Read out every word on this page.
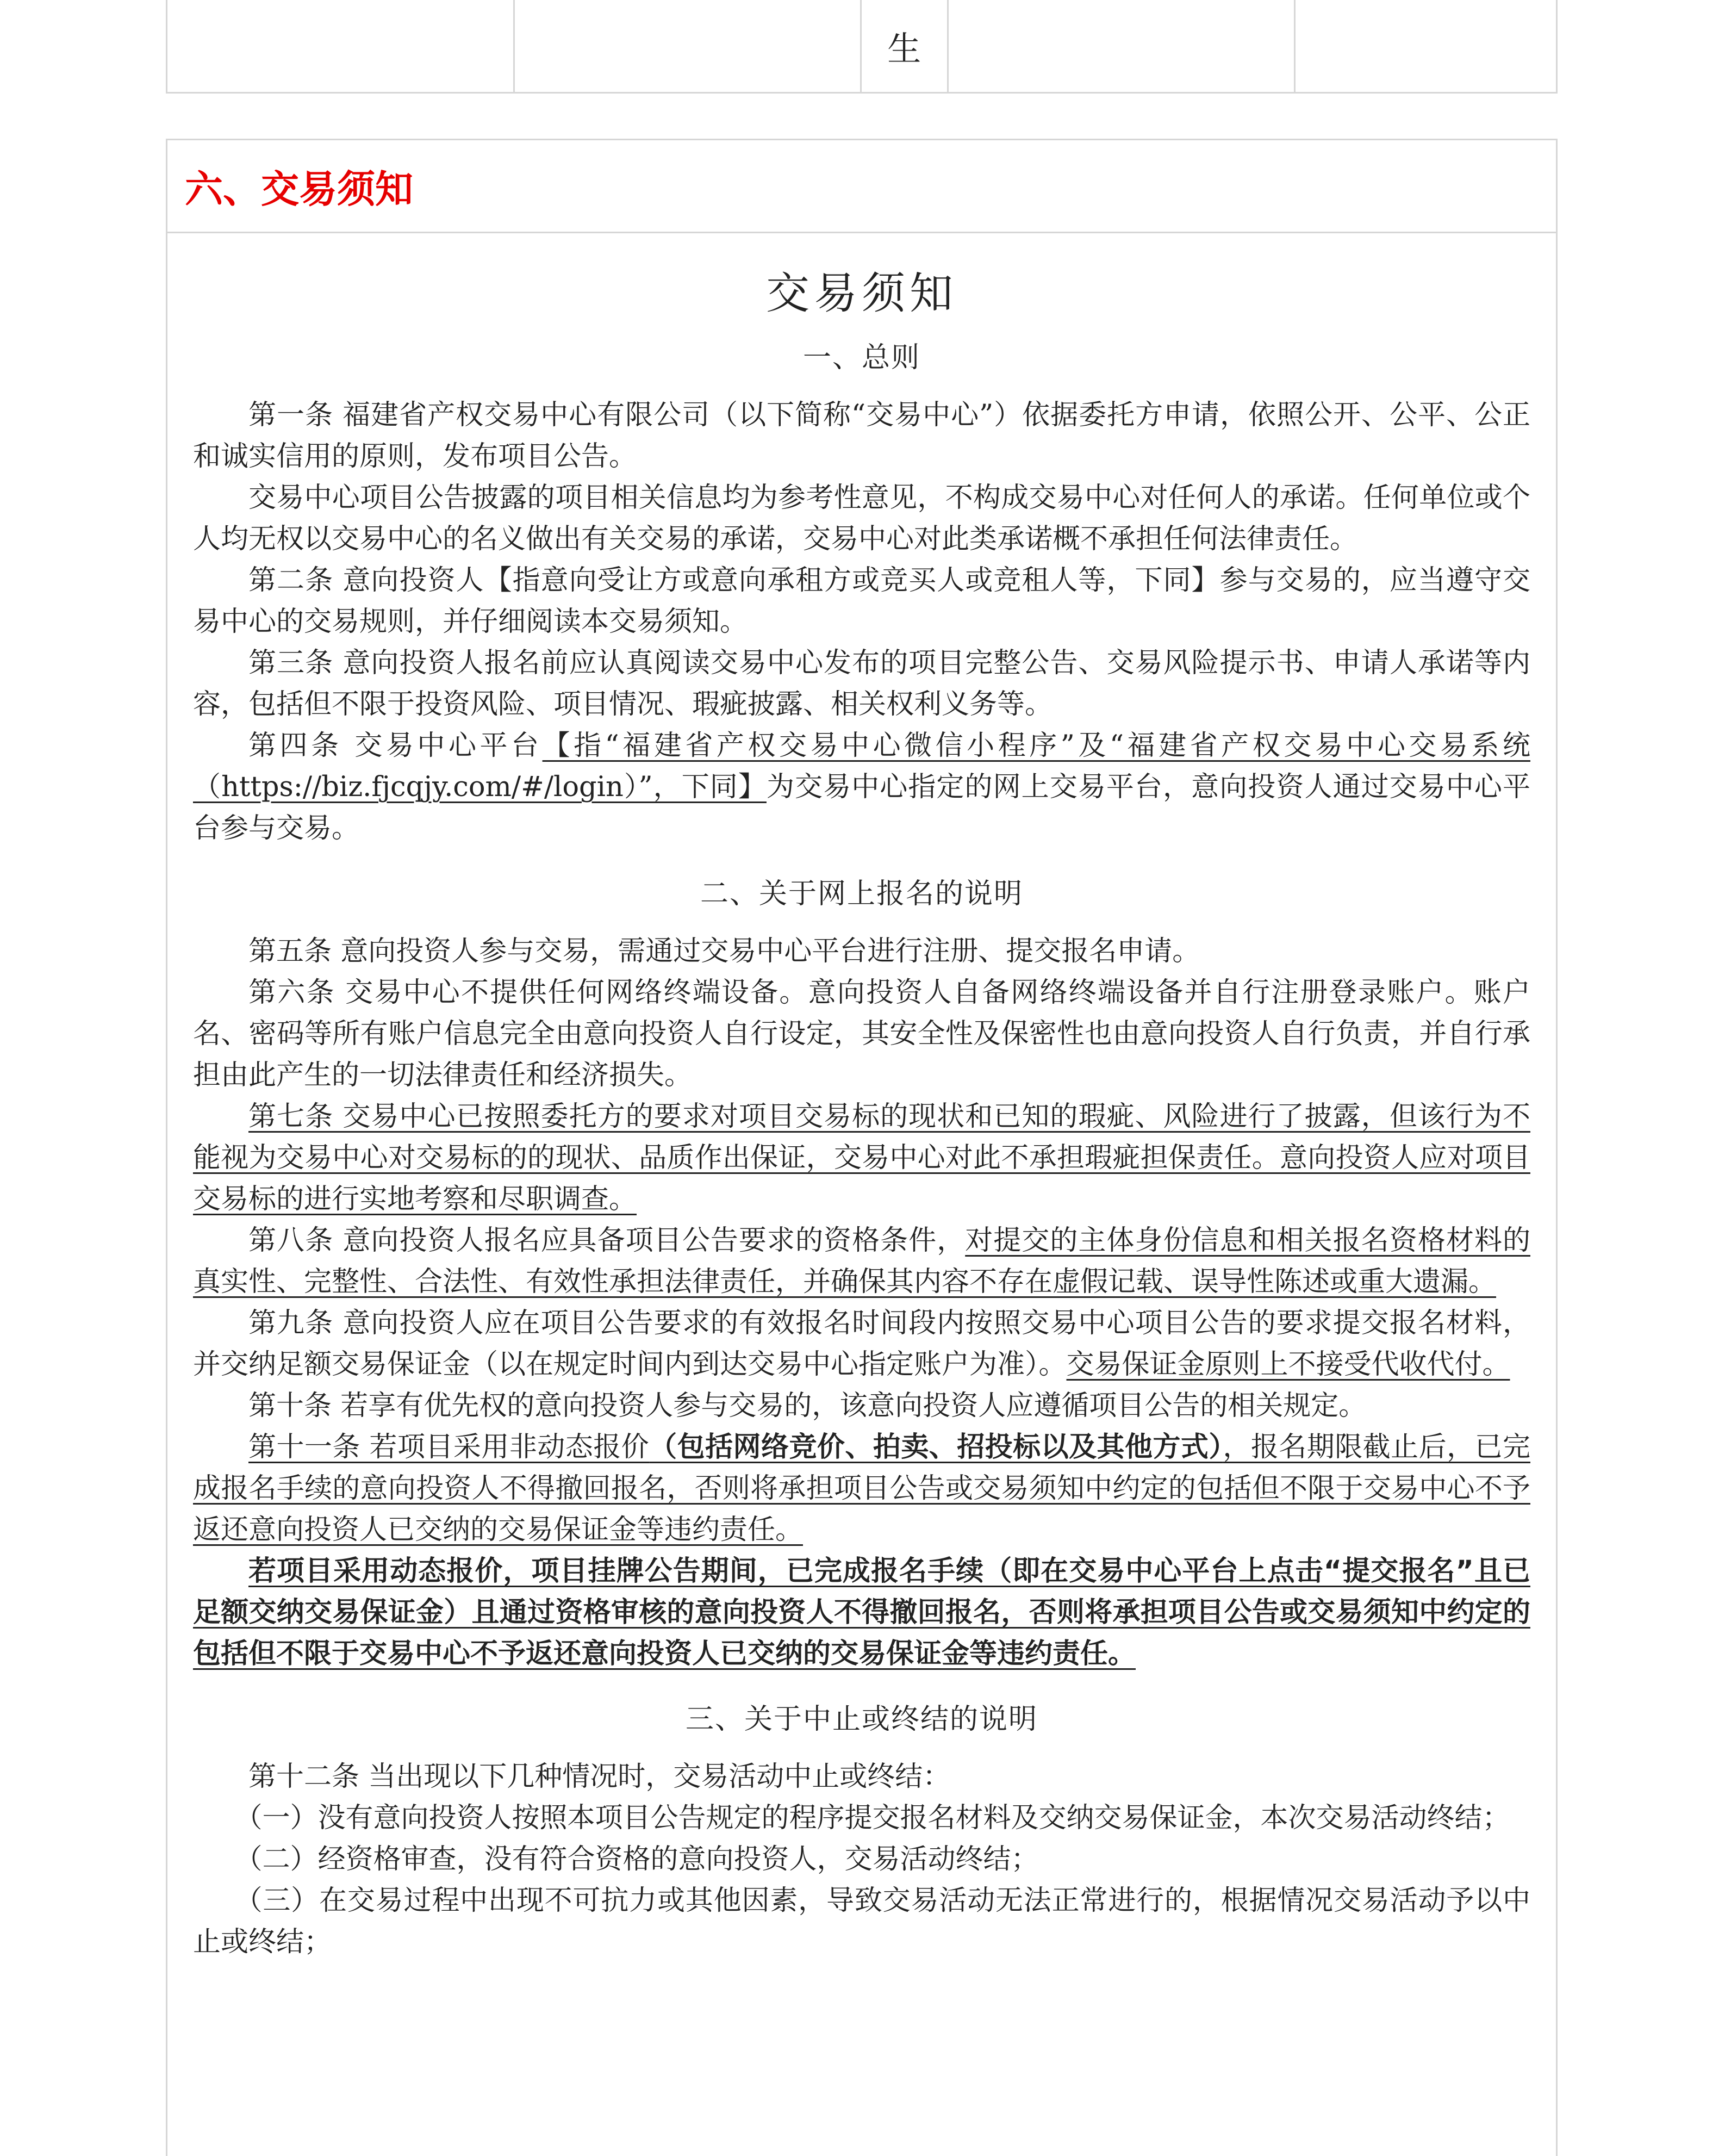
生
六、交易须知
交易须知
一、总则

第一条 福建省产权交易中心有限公司（以下简称“交易中心”）依据委托方申请，依照公开、公平、公正和诚实信用的原则，发布项目公告。

交易中心项目公告披露的项目相关信息均为参考性意见，不构成交易中心对任何人的承诺。任何单位或个人均无权以交易中心的名义做出有关交易的承诺，交易中心对此类承诺概不承担任何法律责任。

第二条 意向投资人【指意向受让方或意向承租方或竞买人或竞租人等，下同】参与交易的，应当遵守交易中心的交易规则，并仔细阅读本交易须知。

第三条 意向投资人报名前应认真阅读交易中心发布的项目完整公告、交易风险提示书、申请人承诺等内容，包括但不限于投资风险、项目情况、瑕疵披露、相关权利义务等。

第四条 交易中心平台【指“福建省产权交易中心微信小程序”及“福建省产权交易中心交易系统（https://biz.fjcqjy.com/#/login）”，下同】为交易中心指定的网上交易平台，意向投资人通过交易中心平台参与交易。

二、关于网上报名的说明

第五条 意向投资人参与交易，需通过交易中心平台进行注册、提交报名申请。

第六条 交易中心不提供任何网络终端设备。意向投资人自备网络终端设备并自行注册登录账户。账户名、密码等所有账户信息完全由意向投资人自行设定，其安全性及保密性也由意向投资人自行负责，并自行承担由此产生的一切法律责任和经济损失。

第七条 交易中心已按照委托方的要求对项目交易标的现状和已知的瑕疵、风险进行了披露，但该行为不能视为交易中心对交易标的的现状、品质作出保证，交易中心对此不承担瑕疵担保责任。意向投资人应对项目交易标的进行实地考察和尽职调查。

第八条 意向投资人报名应具备项目公告要求的资格条件，对提交的主体身份信息和相关报名资格材料的真实性、完整性、合法性、有效性承担法律责任，并确保其内容不存在虚假记载、误导性陈述或重大遗漏。

第九条 意向投资人应在项目公告要求的有效报名时间段内按照交易中心项目公告的要求提交报名材料，并交纳足额交易保证金（以在规定时间内到达交易中心指定账户为准）。交易保证金原则上不接受代收代付。

第十条 若享有优先权的意向投资人参与交易的，该意向投资人应遵循项目公告的相关规定。

第十一条 若项目采用非动态报价（包括网络竞价、拍卖、招投标以及其他方式），报名期限截止后，已完成报名手续的意向投资人不得撤回报名，否则将承担项目公告或交易须知中约定的包括但不限于交易中心不予返还意向投资人已交纳的交易保证金等违约责任。

若项目采用动态报价，项目挂牌公告期间，已完成报名手续（即在交易中心平台上点击“提交报名”且已足额交纳交易保证金）且通过资格审核的意向投资人不得撤回报名，否则将承担项目公告或交易须知中约定的包括但不限于交易中心不予返还意向投资人已交纳的交易保证金等违约责任。

三、关于中止或终结的说明

第十二条 当出现以下几种情况时，交易活动中止或终结：

（一）没有意向投资人按照本项目公告规定的程序提交报名材料及交纳交易保证金，本次交易活动终结；

（二）经资格审查，没有符合资格的意向投资人，交易活动终结；

（三）在交易过程中出现不可抗力或其他因素，导致交易活动无法正常进行的，根据情况交易活动予以中止或终结；
